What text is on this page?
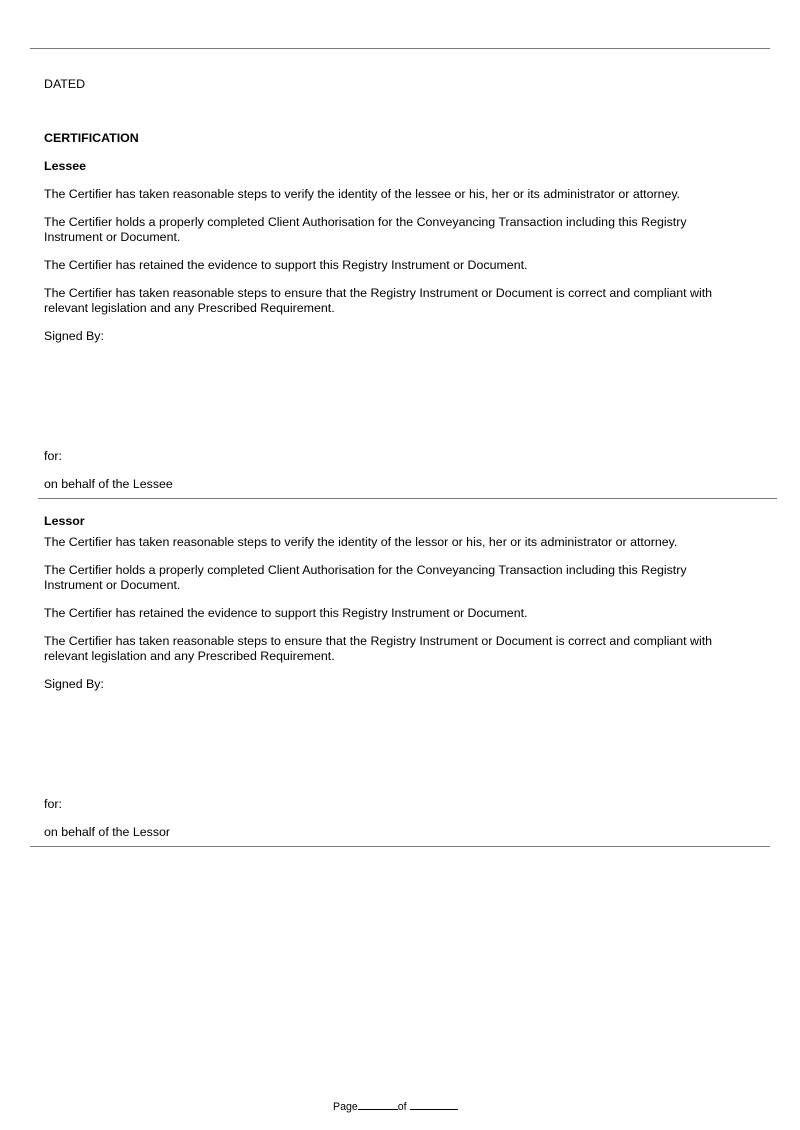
DATED

CERTIFICATION

Lessee

The Certifier has taken reasonable steps to verify the identity of the lessee or his, her or its administrator or attorney.

The Certifier holds a properly completed Client Authorisation for the Conveyancing Transaction including this Registry

Instrument or Document.

The Certifier has retained the evidence to support this Registry Instrument or Document.

The Certifier has taken reasonable steps to ensure that the Registry Instrument or Document is correct and compliant with

relevant legislation and any Prescribed Requirement.

Signed By:

for:

on behalf of the Lessee

Lessor

The Certifier has taken reasonable steps to verify the identity of the lessor or his, her or its administrator or attorney.

The Certifier holds a properly completed Client Authorisation for the Conveyancing Transaction including this Registry

Instrument or Document.

The Certifier has retained the evidence to support this Registry Instrument or Document.

The Certifier has taken reasonable steps to ensure that the Registry Instrument or Document is correct and compliant with

relevant legislation and any Prescribed Requirement.

Signed By:

for:

on behalf of the Lessor

Page	of
